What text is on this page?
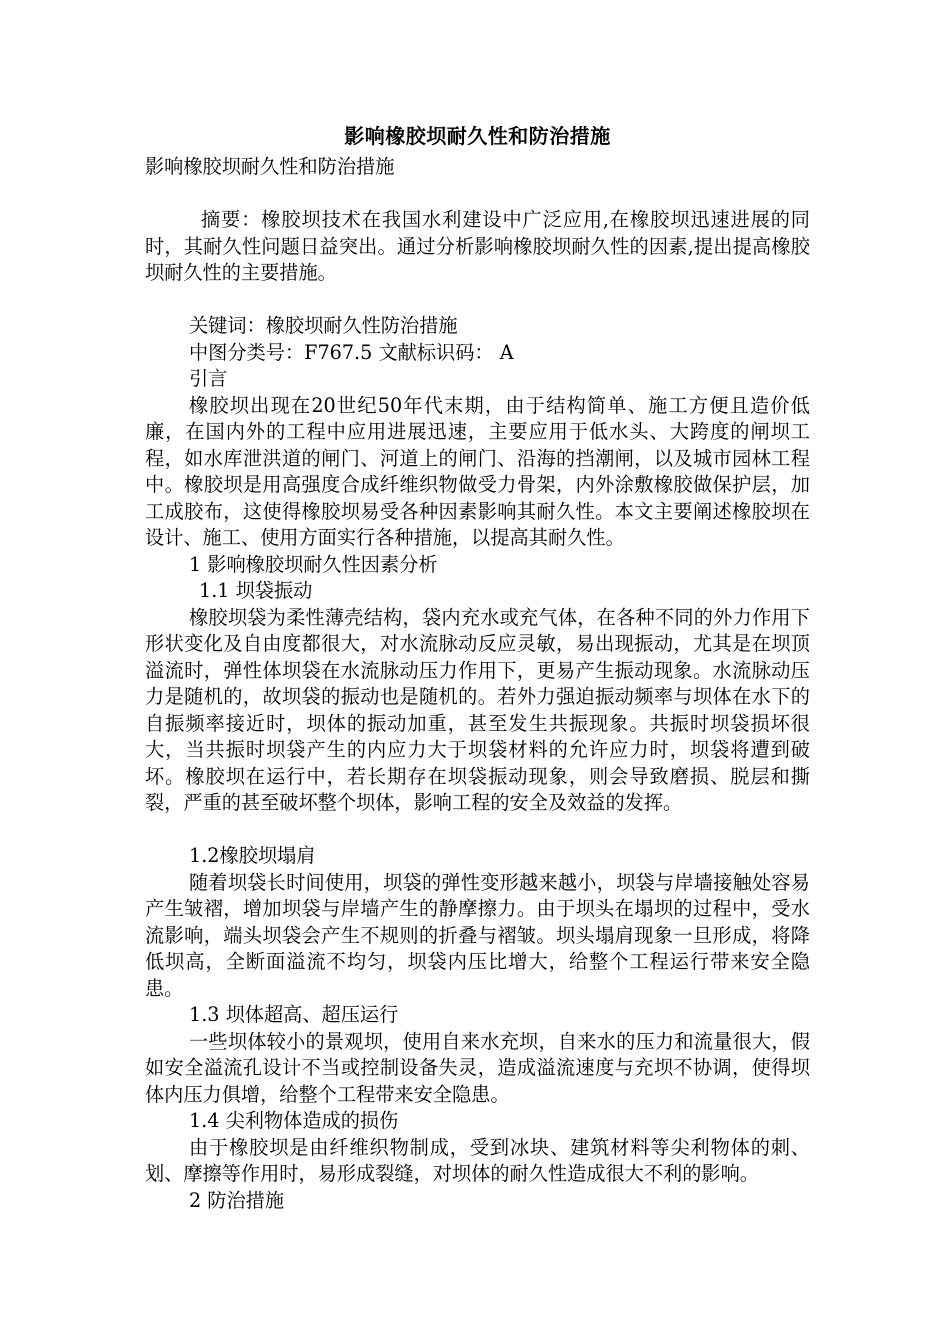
影响橡胶坝耐久性和防治措施

影响橡胶坝耐久性和防治措施

摘要：橡胶坝技术在我国水利建设中广泛应用,在橡胶坝迅速进展的同时，其耐久性问题日益突出。通过分析影响橡胶坝耐久性的因素,提出提高橡胶坝耐久性的主要措施。

关键词：橡胶坝耐久性防治措施

中图分类号：F767.5 文献标识码： A

引言

橡胶坝出现在20世纪50年代末期，由于结构简单、施工方便且造价低廉，在国内外的工程中应用进展迅速，主要应用于低水头、大跨度的闸坝工程，如水库泄洪道的闸门、河道上的闸门、沿海的挡潮闸，以及城市园林工程中。橡胶坝是用高强度合成纤维织物做受力骨架，内外涂敷橡胶做保护层，加工成胶布，这使得橡胶坝易受各种因素影响其耐久性。本文主要阐述橡胶坝在设计、施工、使用方面实行各种措施，以提高其耐久性。

1 影响橡胶坝耐久性因素分析

1.1 坝袋振动

橡胶坝袋为柔性薄壳结构，袋内充水或充气体，在各种不同的外力作用下形状变化及自由度都很大，对水流脉动反应灵敏，易出现振动，尤其是在坝顶溢流时，弹性体坝袋在水流脉动压力作用下，更易产生振动现象。水流脉动压力是随机的，故坝袋的振动也是随机的。若外力强迫振动频率与坝体在水下的自振频率接近时，坝体的振动加重，甚至发生共振现象。共振时坝袋损坏很大，当共振时坝袋产生的内应力大于坝袋材料的允许应力时，坝袋将遭到破坏。橡胶坝在运行中，若长期存在坝袋振动现象，则会导致磨损、脱层和撕裂，严重的甚至破坏整个坝体，影响工程的安全及效益的发挥。

1.2橡胶坝塌肩

随着坝袋长时间使用，坝袋的弹性变形越来越小，坝袋与岸墙接触处容易产生皱褶，增加坝袋与岸墙产生的静摩擦力。由于坝头在塌坝的过程中，受水流影响，端头坝袋会产生不规则的折叠与褶皱。坝头塌肩现象一旦形成，将降低坝高，全断面溢流不均匀，坝袋内压比增大，给整个工程运行带来安全隐患。

1.3 坝体超高、超压运行

一些坝体较小的景观坝，使用自来水充坝，自来水的压力和流量很大，假如安全溢流孔设计不当或控制设备失灵，造成溢流速度与充坝不协调，使得坝体内压力俱增，给整个工程带来安全隐患。

1.4 尖利物体造成的损伤

由于橡胶坝是由纤维织物制成，受到冰块、建筑材料等尖利物体的刺、划、摩擦等作用时，易形成裂缝，对坝体的耐久性造成很大不利的影响。

2 防治措施
